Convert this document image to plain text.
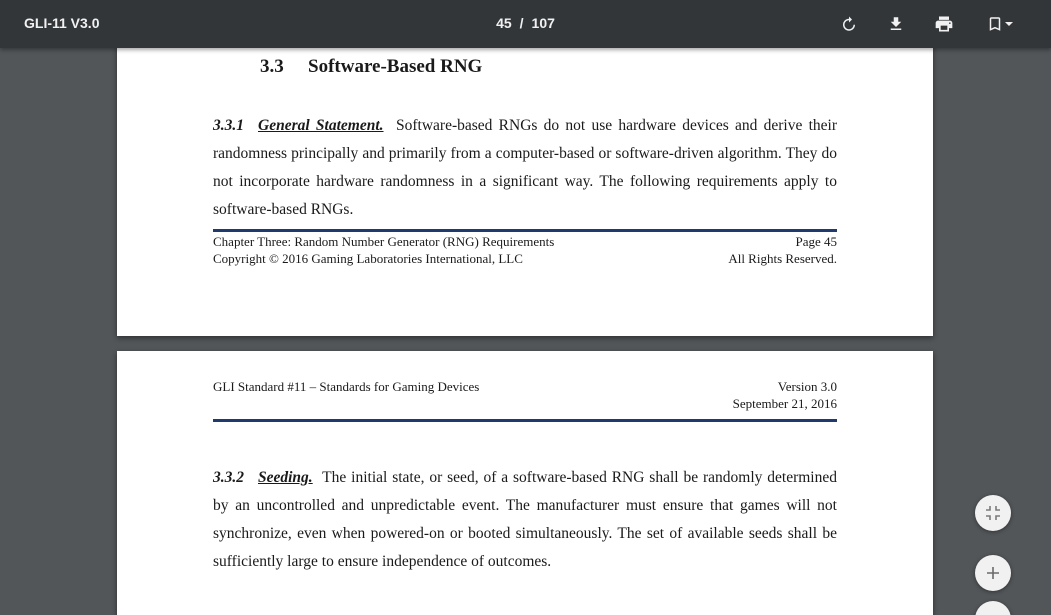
GLI-11 V3.0	45 / 107
3.3 Software-Based RNG
3.3.1 General Statement. Software-based RNGs do not use hardware devices and derive their randomness principally and primarily from a computer-based or software-driven algorithm. They do not incorporate hardware randomness in a significant way. The following requirements apply to software-based RNGs.
Chapter Three: Random Number Generator (RNG) Requirements
Copyright © 2016 Gaming Laboratories International, LLC
Page 45
All Rights Reserved.
GLI Standard #11 – Standards for Gaming Devices	Version 3.0
September 21, 2016
3.3.2 Seeding. The initial state, or seed, of a software-based RNG shall be randomly determined by an uncontrolled and unpredictable event. The manufacturer must ensure that games will not synchronize, even when powered-on or booted simultaneously. The set of available seeds shall be sufficiently large to ensure independence of outcomes.
